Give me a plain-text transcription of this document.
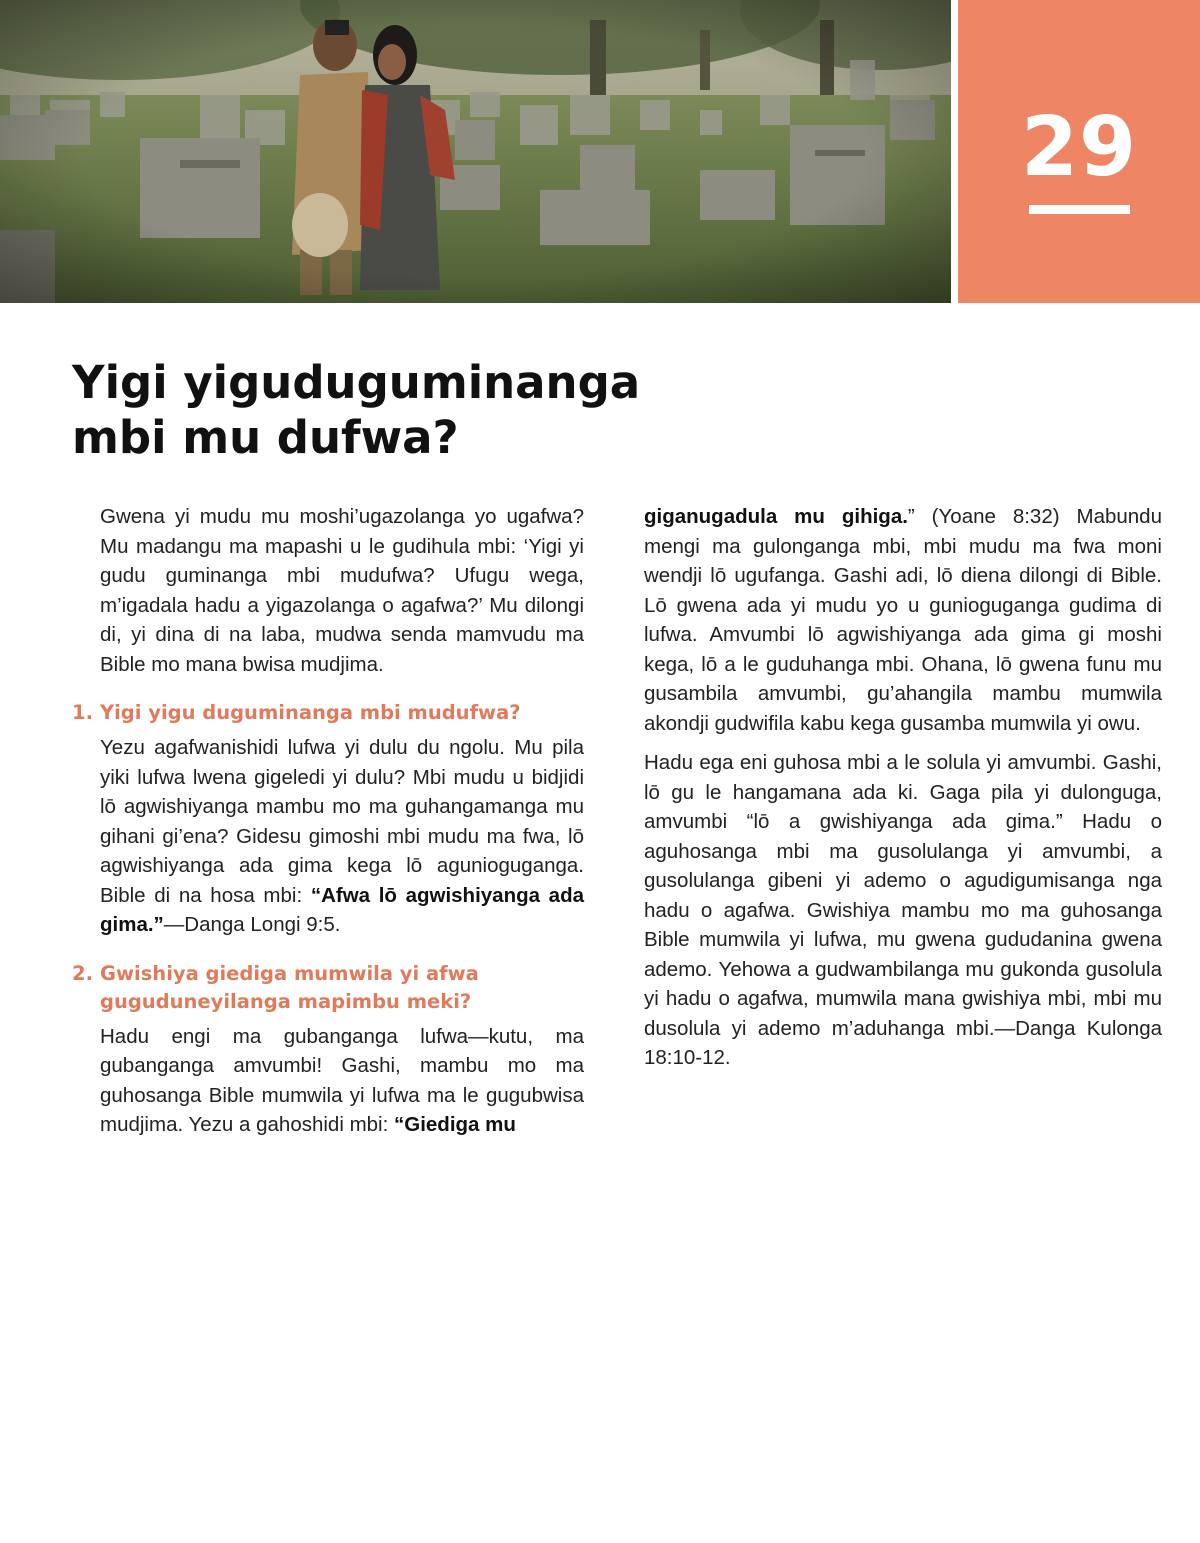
29
Yigi yiguduguminanga mbi mu dufwa?

Gwena yi mudu mu moshi’ugazolanga yo ugafwa? Mu madangu ma mapashi u le gudihula mbi: ‘Yigi yi gudu guminanga mbi mudufwa? Ufugu wega, m’igadala hadu a yigazolanga o agafwa?’ Mu dilongi di, yi dina di na laba, mudwa senda mamvudu ma Bible mo mana bwisa mudjima.

1. Yigi yigu duguminanga mbi mudufwa?

Yezu agafwanishidi lufwa yi dulu du ngolu. Mu pila yiki lufwa lwena gigeledi yi dulu? Mbi mudu u bidjidi lō agwishiyanga mambu mo ma guhangamanga mu gihani gi’ena? Gidesu gimoshi mbi mudu ma fwa, lō agwishiyanga ada gima kega lō agunioguganga. Bible di na hosa mbi: “Afwa lō agwishiyanga ada gima.”—Danga Longi 9:5.

2. Gwishiya giediga mumwila yi afwa guguduneyilanga mapimbu meki?

Hadu engi ma gubanganga lufwa—kutu, ma gubanganga amvumbi! Gashi, mambu mo ma guhosanga Bible mumwila yi lufwa ma le gugubwisa mudjima. Yezu a gahoshidi mbi: “Giediga mu

giganugadula mu gihiga.” (Yoane 8:32) Mabundu mengi ma gulonganga mbi, mbi mudu ma fwa moni wendji lō ugufanga. Gashi adi, lō diena dilongi di Bible. Lō gwena ada yi mudu yo u gunioguganga gudima di lufwa. Amvumbi lō agwishiyanga ada gima gi moshi kega, lō a le guduhanga mbi. Ohana, lō gwena funu mu gusambila amvumbi, gu’ahangila mambu mumwila akondji gudwifila kabu kega gusamba mumwila yi owu.

Hadu ega eni guhosa mbi a le solula yi amvumbi. Gashi, lō gu le hangamana ada ki. Gaga pila yi dulonguga, amvumbi “lō a gwishiyanga ada gima.” Hadu o aguhosanga mbi ma gusolulanga yi amvumbi, a gusolulanga gibeni yi ademo o agudigumisanga nga hadu o agafwa. Gwishiya mambu mo ma guhosanga Bible mumwila yi lufwa, mu gwena gududanina gwena ademo. Yehowa a gudwambilanga mu gukonda gusolula yi hadu o agafwa, mumwila mana gwishiya mbi, mbi mu dusolula yi ademo m’aduhanga mbi.—Danga Kulonga 18:10-12.
